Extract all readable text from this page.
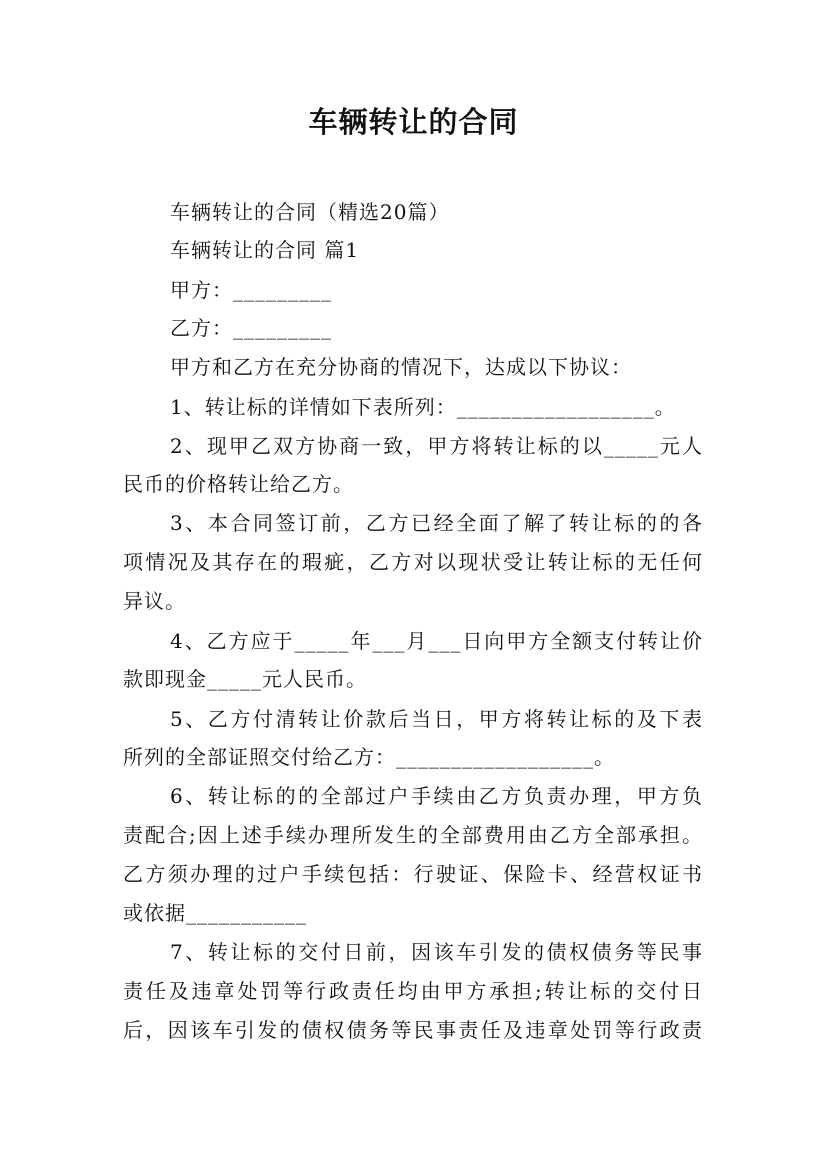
车辆转让的合同
车辆转让的合同（精选20篇）
车辆转让的合同 篇1
甲方：_________
乙方：_________
甲方和乙方在充分协商的情况下，达成以下协议：
1、转让标的详情如下表所列：__________________。
2、现甲乙双方协商一致，甲方将转让标的以_____元人
民币的价格转让给乙方。
3、本合同签订前，乙方已经全面了解了转让标的的各
项情况及其存在的瑕疵，乙方对以现状受让转让标的无任何
异议。
4、乙方应于_____年___月___日向甲方全额支付转让价
款即现金_____元人民币。
5、乙方付清转让价款后当日，甲方将转让标的及下表
所列的全部证照交付给乙方：__________________。
6、转让标的的全部过户手续由乙方负责办理，甲方负
责配合;因上述手续办理所发生的全部费用由乙方全部承担。
乙方须办理的过户手续包括：行驶证、保险卡、经营权证书
或依据___________
7、转让标的交付日前，因该车引发的债权债务等民事
责任及违章处罚等行政责任均由甲方承担;转让标的交付日
后，因该车引发的债权债务等民事责任及违章处罚等行政责
